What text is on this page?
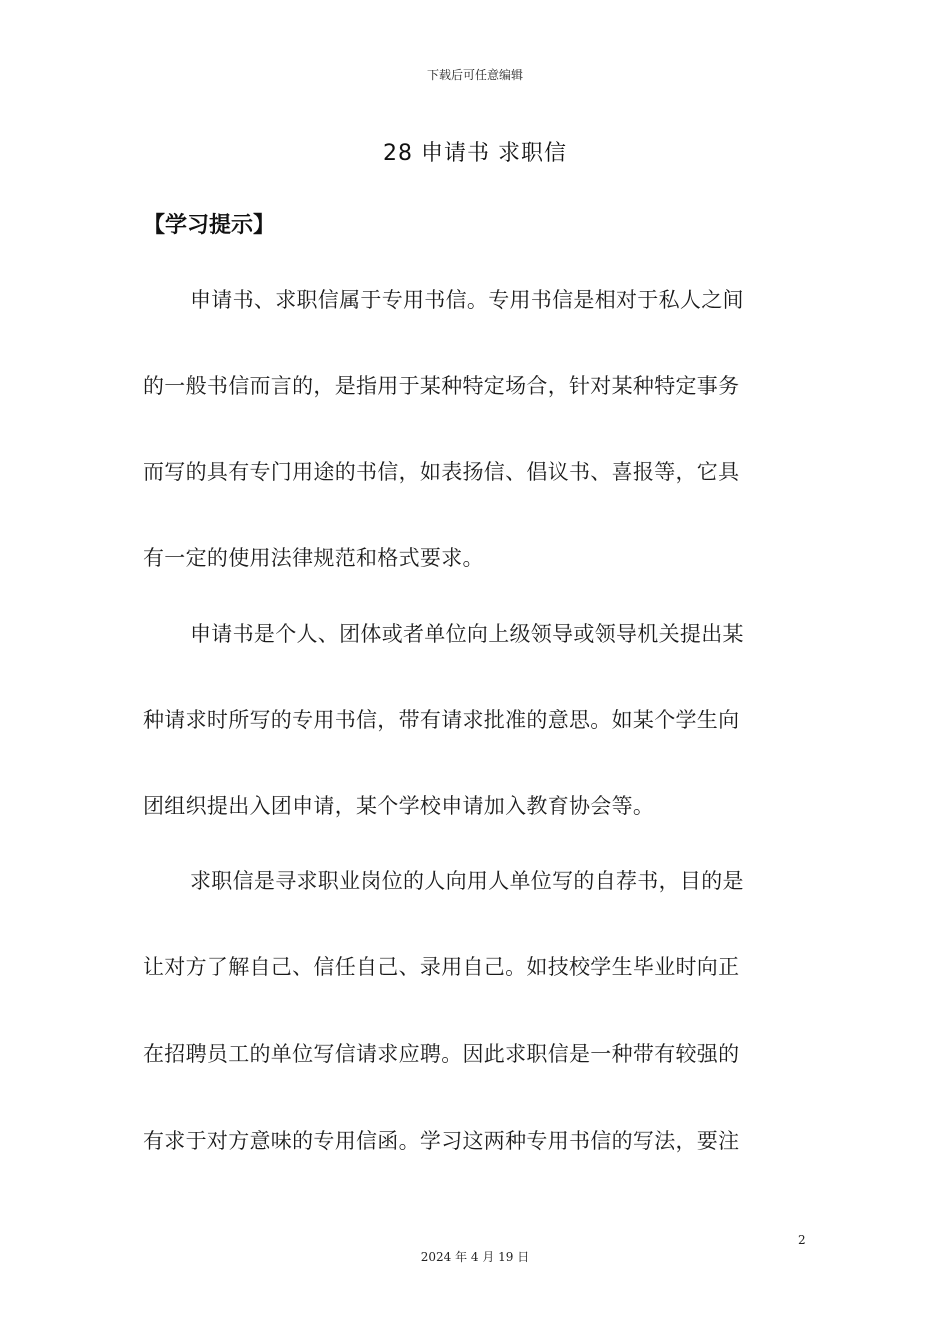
下载后可任意编辑
28 申请书 求职信
【学习提示】
申请书、求职信属于专用书信。专用书信是相对于私人之间
的一般书信而言的，是指用于某种特定场合，针对某种特定事务
而写的具有专门用途的书信，如表扬信、倡议书、喜报等，它具
有一定的使用法律规范和格式要求。
申请书是个人、团体或者单位向上级领导或领导机关提出某
种请求时所写的专用书信，带有请求批准的意思。如某个学生向
团组织提出入团申请，某个学校申请加入教育协会等。
求职信是寻求职业岗位的人向用人单位写的自荐书，目的是
让对方了解自己、信任自己、录用自己。如技校学生毕业时向正
在招聘员工的单位写信请求应聘。因此求职信是一种带有较强的
有求于对方意味的专用信函。学习这两种专用书信的写法，要注
2
2024 年 4 月 19 日
